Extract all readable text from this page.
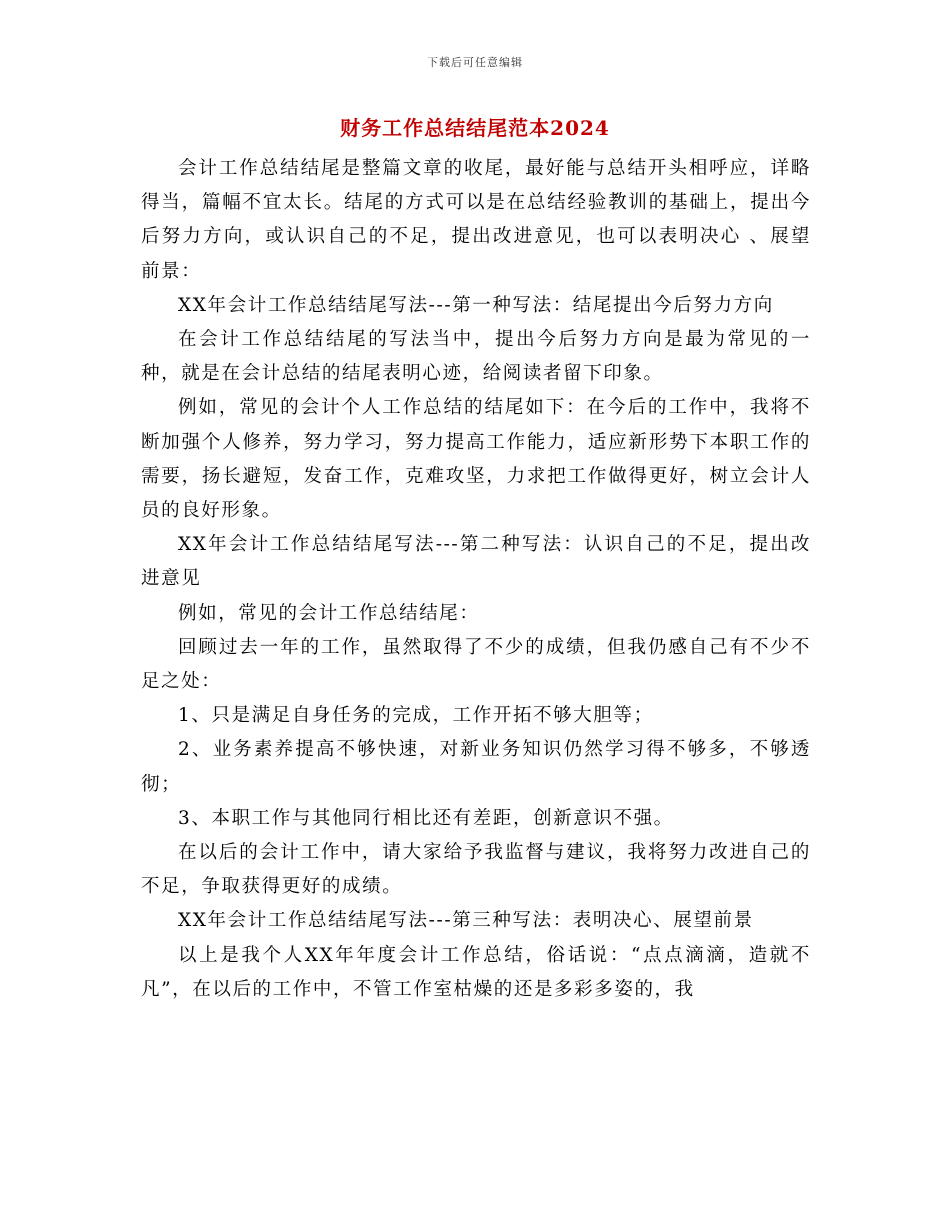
下载后可任意编辑
财务工作总结结尾范本2024

会计工作总结结尾是整篇文章的收尾，最好能与总结开头相呼应，详略得当，篇幅不宜太长。结尾的方式可以是在总结经验教训的基础上，提出今后努力方向，或认识自己的不足，提出改进意见，也可以表明决心 、展望前景：

XX年会计工作总结结尾写法---第一种写法：结尾提出今后努力方向

在会计工作总结结尾的写法当中，提出今后努力方向是最为常见的一种，就是在会计总结的结尾表明心迹，给阅读者留下印象。

例如，常见的会计个人工作总结的结尾如下：在今后的工作中，我将不断加强个人修养，努力学习，努力提高工作能力，适应新形势下本职工作的需要，扬长避短，发奋工作，克难攻坚，力求把工作做得更好，树立会计人员的良好形象。

XX年会计工作总结结尾写法---第二种写法：认识自己的不足，提出改进意见

例如，常见的会计工作总结结尾：

回顾过去一年的工作，虽然取得了不少的成绩，但我仍感自己有不少不足之处：

1、只是满足自身任务的完成，工作开拓不够大胆等；

2、业务素养提高不够快速，对新业务知识仍然学习得不够多，不够透彻；

3、本职工作与其他同行相比还有差距，创新意识不强。

在以后的会计工作中，请大家给予我监督与建议，我将努力改进自己的不足，争取获得更好的成绩。

XX年会计工作总结结尾写法---第三种写法：表明决心、展望前景

以上是我个人XX年年度会计工作总结，俗话说：“点点滴滴，造就不凡”，在以后的工作中，不管工作室枯燥的还是多彩多姿的，我
